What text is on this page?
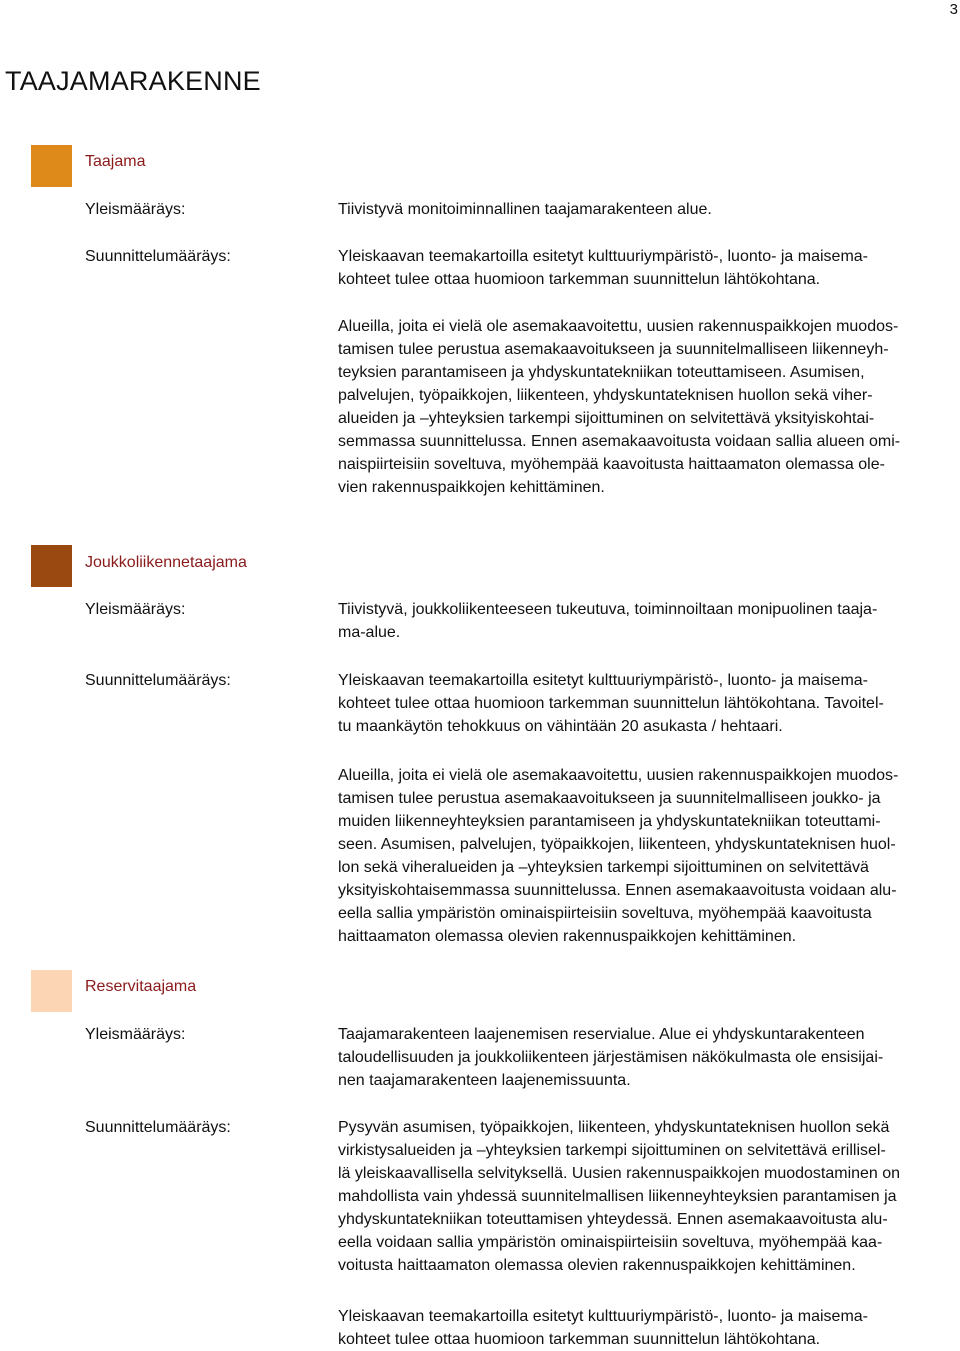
3
TAAJAMARAKENNE
Taajama
Yleismääräys:	Tiivistyvä monitoiminnallinen taajamarakenteen alue.

Suunnittelumääräys:	Yleiskaavan teemakartoilla esitetyt kulttuuriympäristö-, luonto- ja maisema-
kohteet tulee ottaa huomioon tarkemman suunnittelun lähtökohtana.

Alueilla, joita ei vielä ole asemakaavoitettu, uusien rakennuspaikkojen muodos-
tamisen tulee perustua asemakaavoitukseen ja suunnitelmalliseen liikenneyh-
teyksien parantamiseen ja yhdyskuntatekniikan toteuttamiseen. Asumisen,
palvelujen, työpaikkojen, liikenteen, yhdyskuntateknisen huollon sekä viher-
alueiden ja –yhteyksien tarkempi sijoittuminen on selvitettävä yksityiskohtai-
semmassa suunnittelussa. Ennen asemakaavoitusta voidaan sallia alueen omi-
naispiirteisiin soveltuva, myöhempää kaavoitusta haittaamaton olemassa ole-
vien rakennuspaikkojen kehittäminen.

Joukkoliikennetaajama
Yleismääräys:	Tiivistyvä, joukkoliikenteeseen tukeutuva, toiminnoiltaan monipuolinen taaja-
ma-alue.

Suunnittelumääräys:	Yleiskaavan teemakartoilla esitetyt kulttuuriympäristö-, luonto- ja maisema-
kohteet tulee ottaa huomioon tarkemman suunnittelun lähtökohtana. Tavoitel-
tu maankäytön tehokkuus on vähintään 20 asukasta / hehtaari.

Alueilla, joita ei vielä ole asemakaavoitettu, uusien rakennuspaikkojen muodos-
tamisen tulee perustua asemakaavoitukseen ja suunnitelmalliseen joukko- ja
muiden liikenneyhteyksien parantamiseen ja yhdyskuntatekniikan toteuttami-
seen. Asumisen, palvelujen, työpaikkojen, liikenteen, yhdyskuntateknisen huol-
lon sekä viheralueiden ja –yhteyksien tarkempi sijoittuminen on selvitettävä
yksityiskohtaisemmassa suunnittelussa. Ennen asemakaavoitusta voidaan alu-
eella sallia ympäristön ominaispiirteisiin soveltuva, myöhempää kaavoitusta
haittaamaton olemassa olevien rakennuspaikkojen kehittäminen.

Reservitaajama
Yleismääräys:	Taajamarakenteen laajenemisen reservialue. Alue ei yhdyskuntarakenteen
taloudellisuuden ja joukkoliikenteen järjestämisen näkökulmasta ole ensisijai-
nen taajamarakenteen laajenemissuunta.

Suunnittelumääräys:	Pysyvän asumisen, työpaikkojen, liikenteen, yhdyskuntateknisen huollon sekä
virkistysalueiden ja –yhteyksien tarkempi sijoittuminen on selvitettävä erillisel-
lä yleiskaavallisella selvityksellä. Uusien rakennuspaikkojen muodostaminen on
mahdollista vain yhdessä suunnitelmallisen liikenneyhteyksien parantamisen ja
yhdyskuntatekniikan toteuttamisen yhteydessä. Ennen asemakaavoitusta alu-
eella voidaan sallia ympäristön ominaispiirteisiin soveltuva, myöhempää kaa-
voitusta haittaamaton olemassa olevien rakennuspaikkojen kehittäminen.

Yleiskaavan teemakartoilla esitetyt kulttuuriympäristö-, luonto- ja maisema-
kohteet tulee ottaa huomioon tarkemman suunnittelun lähtökohtana.
